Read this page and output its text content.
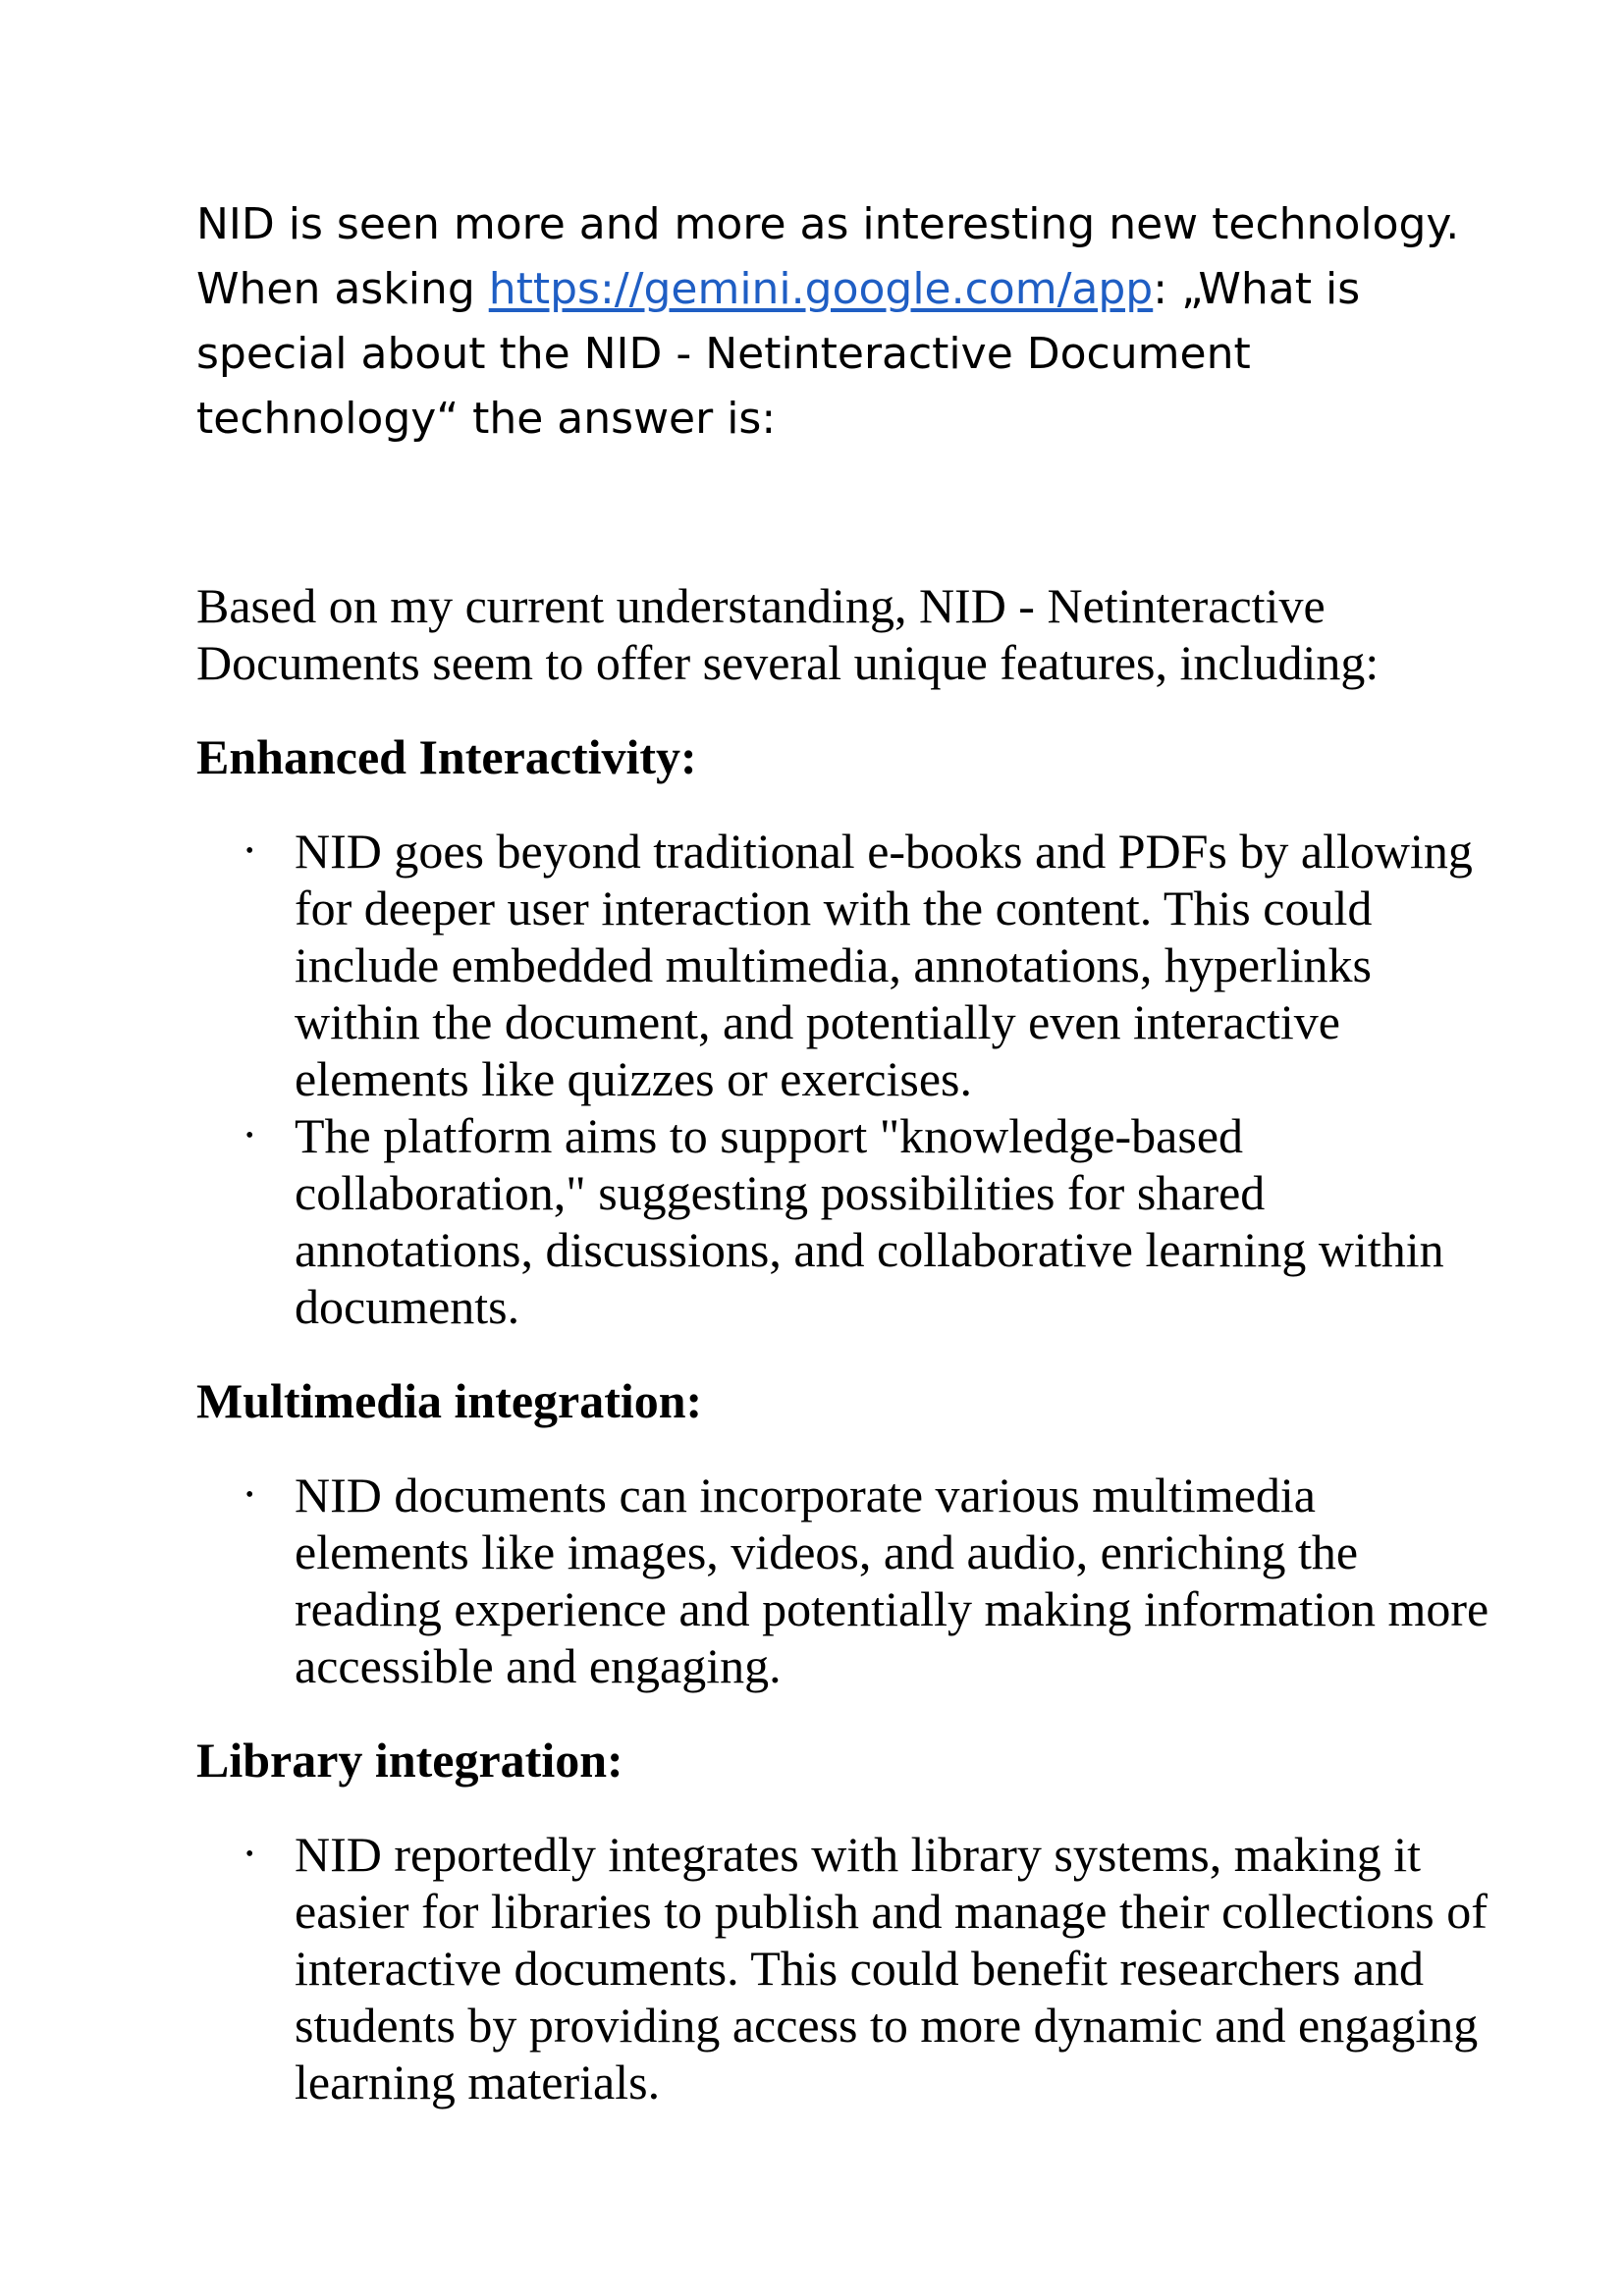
NID is seen more and more as interesting new technology.
When asking https://gemini.google.com/app: „What is special about the NID - Netinteractive Document technology“ the answer is:

Based on my current understanding, NID - Netinteractive Documents seem to offer several unique features, including:

Enhanced Interactivity:
• NID goes beyond traditional e-books and PDFs by allowing for deeper user interaction with the content. This could include embedded multimedia, annotations, hyperlinks within the document, and potentially even interactive elements like quizzes or exercises.
• The platform aims to support "knowledge-based collaboration," suggesting possibilities for shared annotations, discussions, and collaborative learning within documents.
Multimedia integration:
• NID documents can incorporate various multimedia elements like images, videos, and audio, enriching the reading experience and potentially making information more accessible and engaging.
Library integration:
• NID reportedly integrates with library systems, making it easier for libraries to publish and manage their collections of interactive documents. This could benefit researchers and students by providing access to more dynamic and engaging learning materials.
